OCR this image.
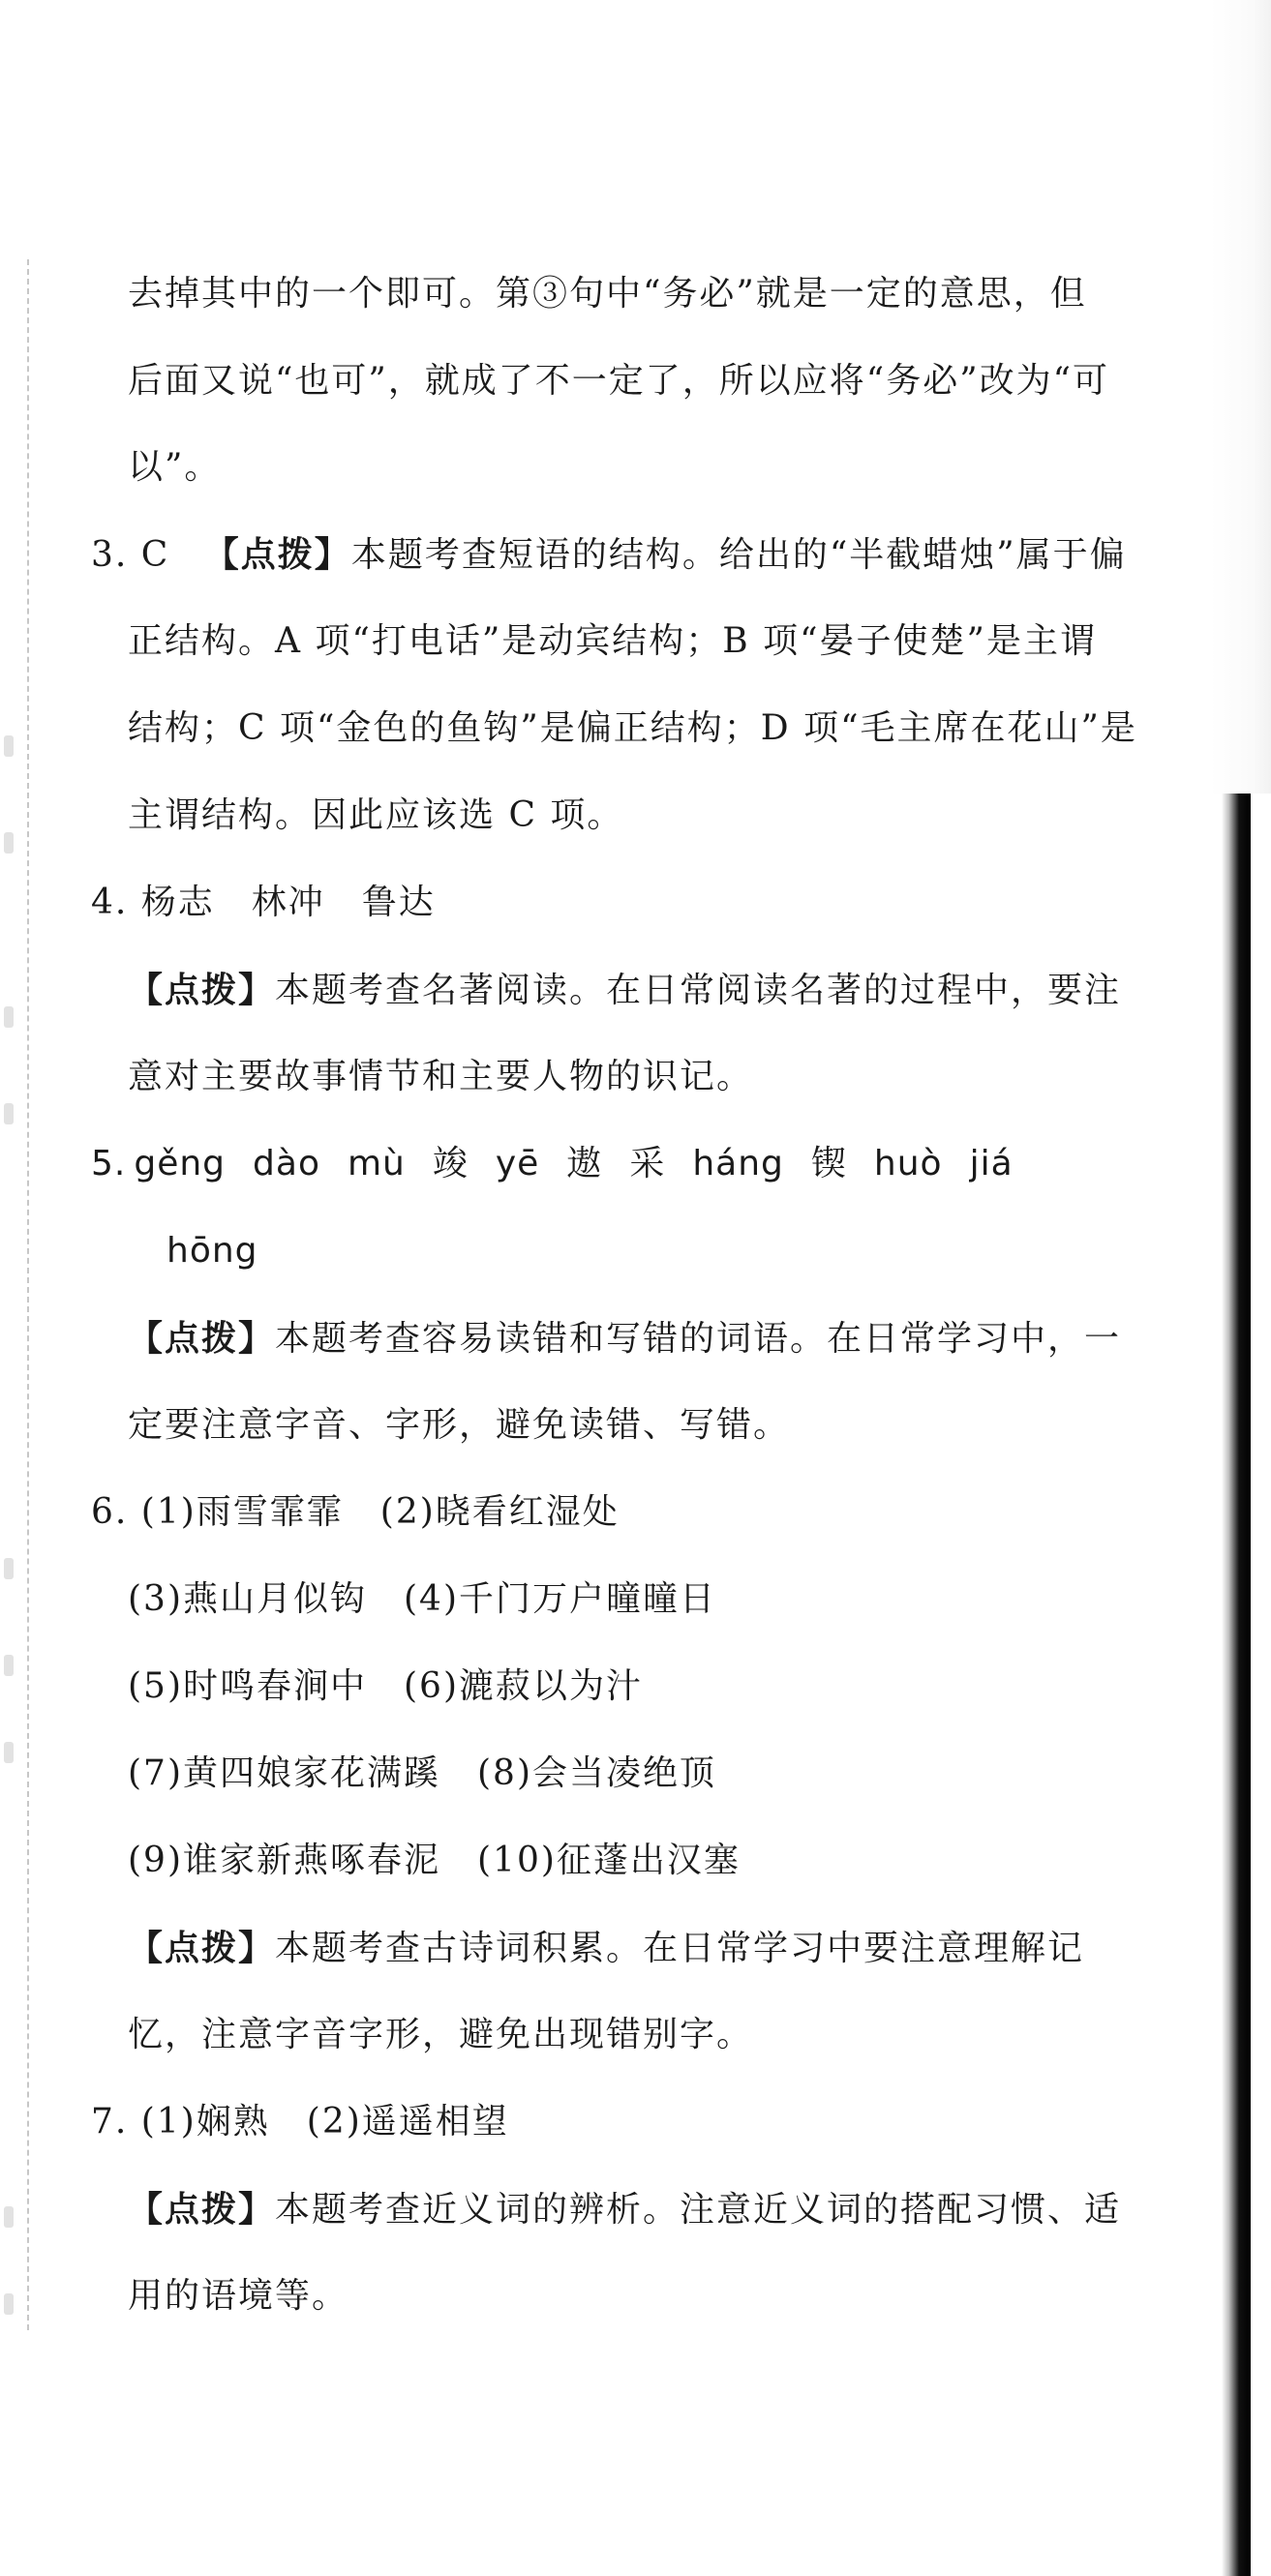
去掉其中的一个即可。第③句中“务必”就是一定的意思，但
后面又说“也可”，就成了不一定了，所以应将“务必”改为“可
以”。
3. C 【点拨】本题考查短语的结构。给出的“半截蜡烛”属于偏
正结构。A 项“打电话”是动宾结构；B 项“晏子使楚”是主谓
结构；C 项“金色的鱼钩”是偏正结构；D 项“毛主席在花山”是
主谓结构。因此应该选 C 项。
4. 杨志　林冲　鲁达
【点拨】本题考查名著阅读。在日常阅读名著的过程中，要注
意对主要故事情节和主要人物的识记。
5. gěng dào mù 竣 yē 遨 采 háng 锲 huò jiá
hōng
【点拨】本题考查容易读错和写错的词语。在日常学习中，一
定要注意字音、字形，避免读错、写错。
6. (1)雨雪霏霏　(2)晓看红湿处
(3)燕山月似钩　(4)千门万户曈曈日
(5)时鸣春涧中　(6)漉菽以为汁
(7)黄四娘家花满蹊　(8)会当凌绝顶
(9)谁家新燕啄春泥　(10)征蓬出汉塞
【点拨】本题考查古诗词积累。在日常学习中要注意理解记
忆，注意字音字形，避免出现错别字。
7. (1)娴熟　(2)遥遥相望
【点拨】本题考查近义词的辨析。注意近义词的搭配习惯、适
用的语境等。
